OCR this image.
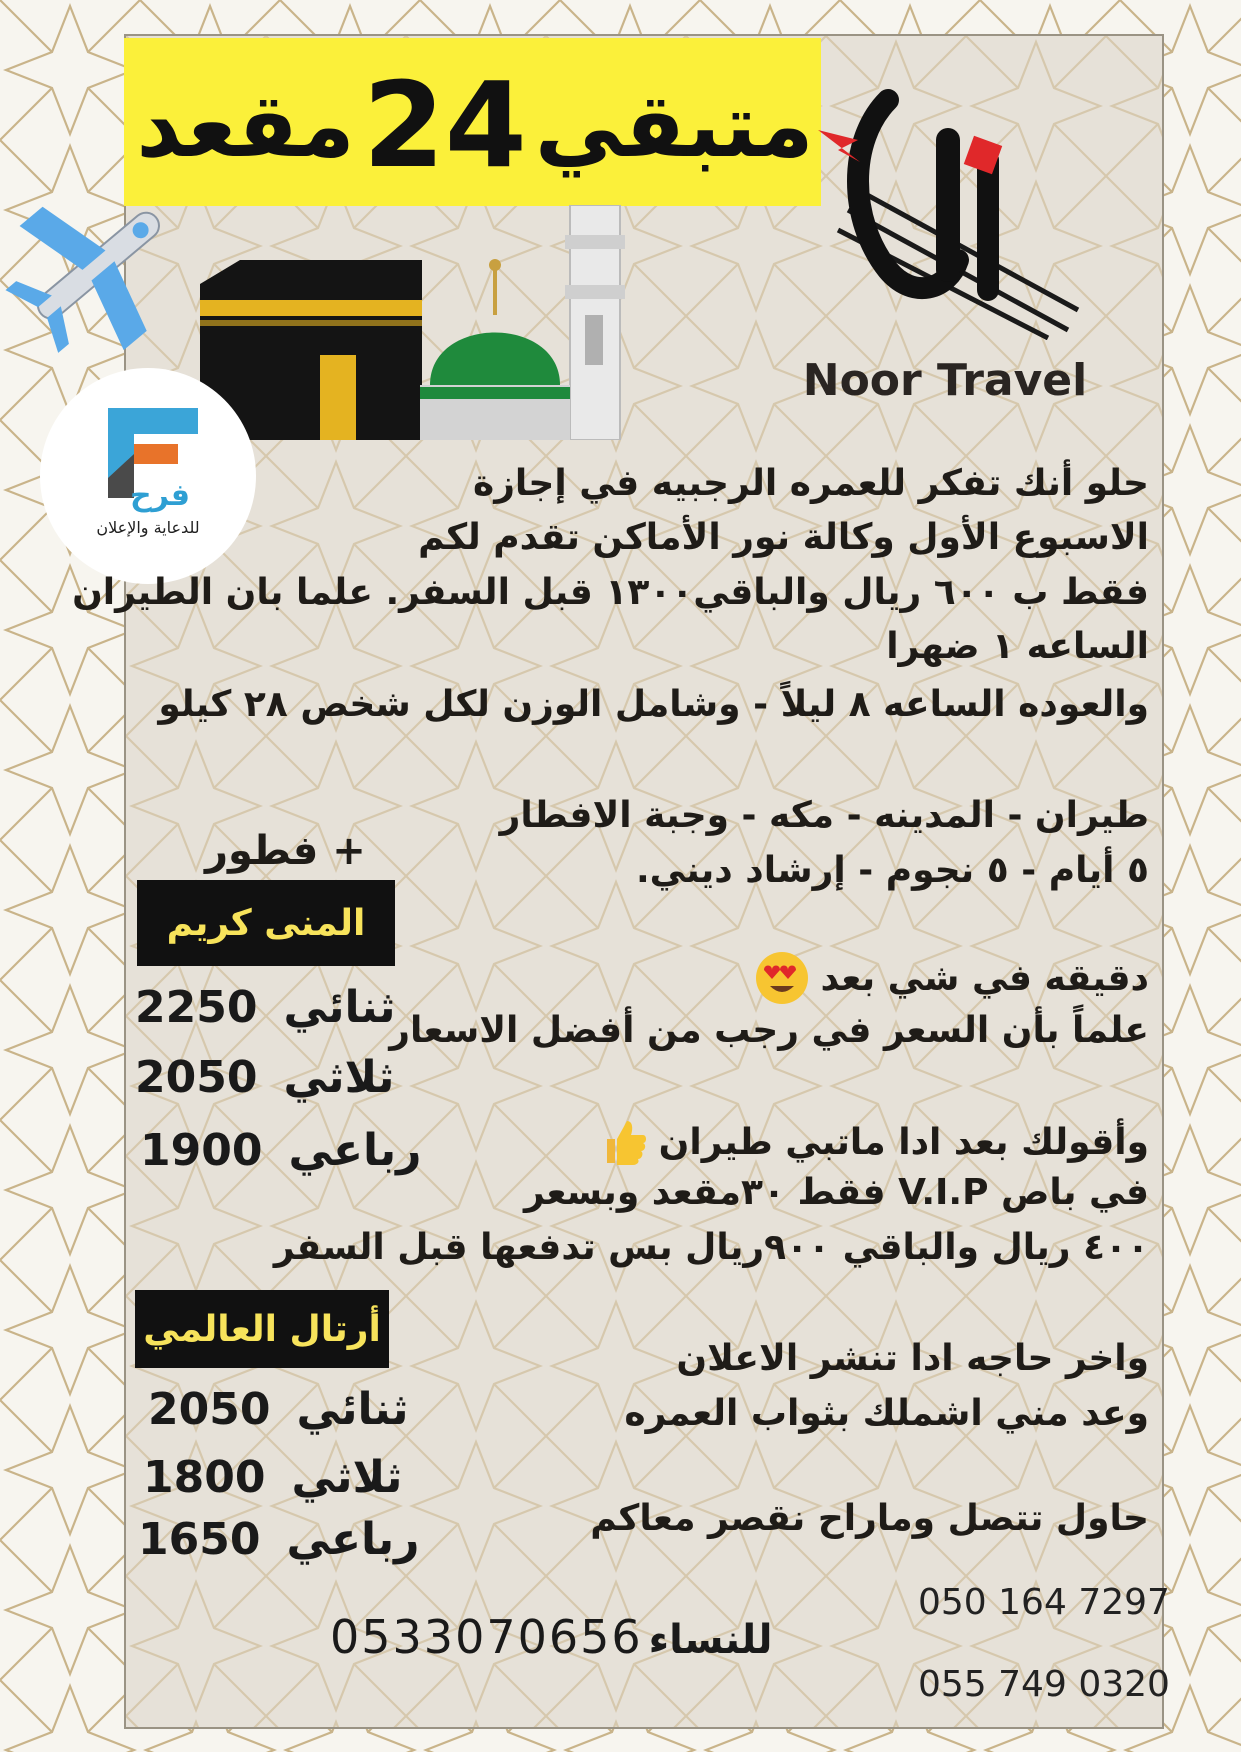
متبقي
24
مقعد
Noor Travel
فرح
للدعاية والإعلان
حلو أنك تفكر للعمره الرجبيه في إجازة
الاسبوع الأول وكالة نور الأماكن تقدم لكم
فقط ب ٦٠٠ ريال والباقي١٣٠٠ قبل السفر. علما بان الطيران
الساعه ١ ضهرا
والعوده الساعه ٨ ليلاً - وشامل الوزن لكل شخص ٢٨ كيلو
طيران - المدينه - مكه - وجبة الافطار
٥ أيام - ٥ نجوم - إرشاد ديني.
دقيقه في شي بعد
علماً بأن السعر في رجب من أفضل الاسعار
وأقولك بعد ادا ماتبي طيران
في باص V.I.P فقط ٣٠مقعد وبسعر
٤٠٠ ريال والباقي ٩٠٠ريال بس تدفعها قبل السفر
واخر حاجه ادا تنشر الاعلان
وعد مني اشملك بثواب العمره
حاول تتصل وماراح نقصر معاكم
+ فطور
المنى كريم
ثنائي
2250
ثلاثي
2050
رباعي
1900
أرتال العالمي
ثنائي
2050
ثلاثي
1800
رباعي
1650
050 164 7297
055 749 0320
للنساء
0533070656
